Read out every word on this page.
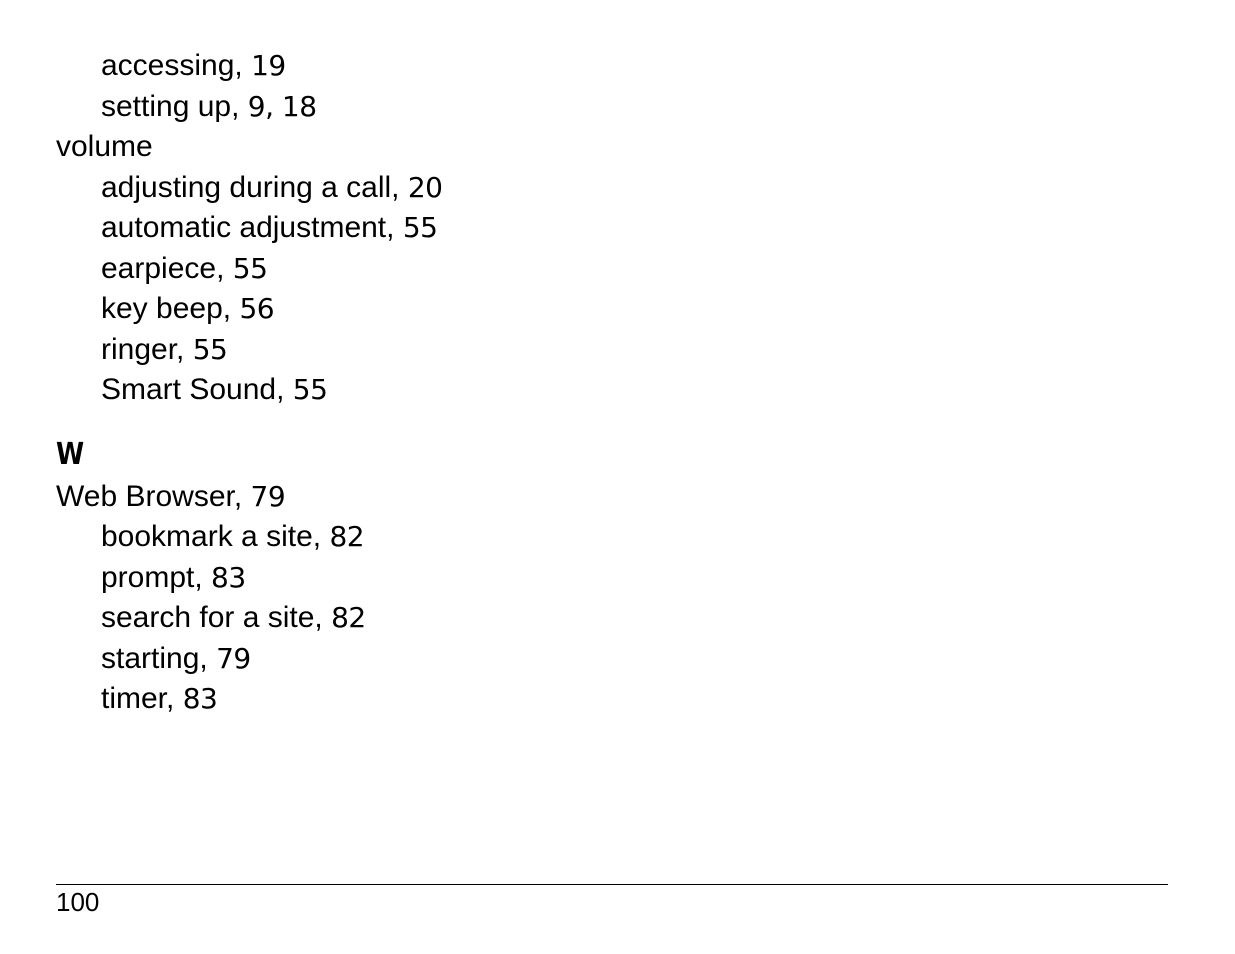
accessing, 19
setting up, 9, 18
volume
adjusting during a call, 20
automatic adjustment, 55
earpiece, 55
key beep, 56
ringer, 55
Smart Sound, 55
W
Web Browser, 79
bookmark a site, 82
prompt, 83
search for a site, 82
starting, 79
timer, 83
100
